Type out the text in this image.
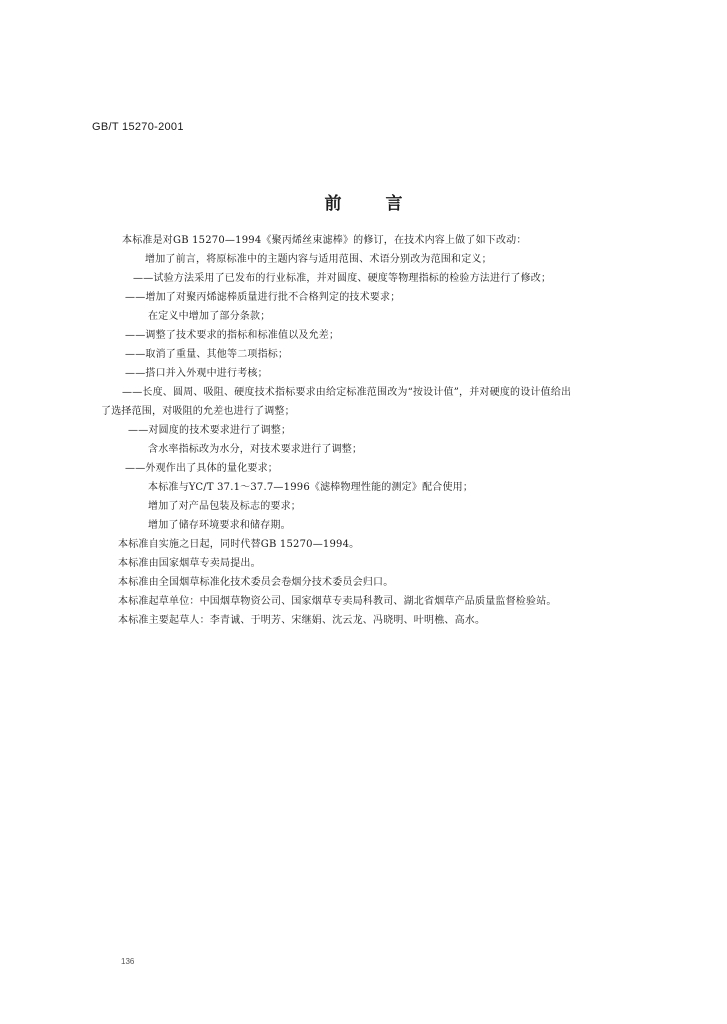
GB/T 15270-2001
前言
本标准是对GB 15270—1994《聚丙烯丝束滤棒》的修订，在技术内容上做了如下改动：
增加了前言，将原标准中的主题内容与适用范围、术语分别改为范围和定义；
——试验方法采用了已发布的行业标准，并对圆度、硬度等物理指标的检验方法进行了修改；
——增加了对聚丙烯滤棒质量进行批不合格判定的技术要求；
在定义中增加了部分条款；
——调整了技术要求的指标和标准值以及允差；
——取消了重量、其他等二项指标；
——搭口并入外观中进行考核；
——长度、圆周、吸阻、硬度技术指标要求由给定标准范围改为“按设计值”，并对硬度的设计值给出
了选择范围，对吸阻的允差也进行了调整；
——对圆度的技术要求进行了调整；
含水率指标改为水分，对技术要求进行了调整；
——外观作出了具体的量化要求；
本标准与YC/T 37.1～37.7—1996《滤棒物理性能的测定》配合使用；
增加了对产品包装及标志的要求；
增加了储存环境要求和储存期。
本标准自实施之日起，同时代替GB 15270—1994。
本标准由国家烟草专卖局提出。
本标准由全国烟草标准化技术委员会卷烟分技术委员会归口。
本标准起草单位：中国烟草物资公司、国家烟草专卖局科教司、湖北省烟草产品质量监督检验站。
本标准主要起草人：李青诚、于明芳、宋继娟、沈云龙、冯晓明、叶明樵、高水。
136
